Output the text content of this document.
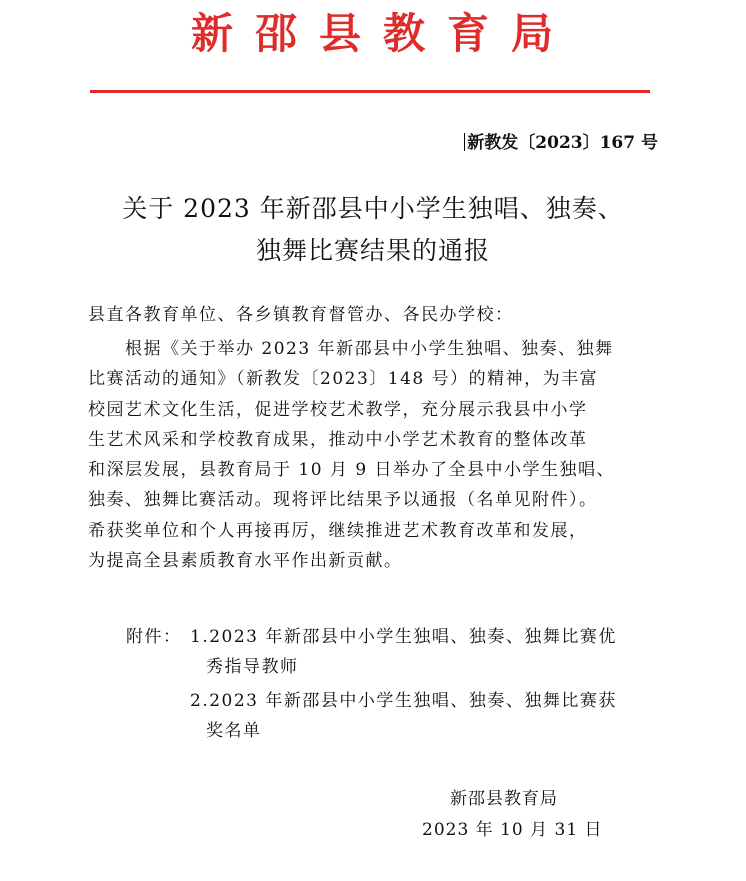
新邵县教育局
新教发〔2023〕167 号
关于 2023 年新邵县中小学生独唱、独奏、
独舞比赛结果的通报
县直各教育单位、各乡镇教育督管办、各民办学校：
　　根据《关于举办 2023 年新邵县中小学生独唱、独奏、独舞
比赛活动的通知》（新教发〔2023〕148 号）的精神，为丰富
校园艺术文化生活，促进学校艺术教学，充分展示我县中小学
生艺术风采和学校教育成果，推动中小学艺术教育的整体改革
和深层发展，县教育局于 10 月 9 日举办了全县中小学生独唱、
独奏、独舞比赛活动。现将评比结果予以通报（名单见附件）。
希获奖单位和个人再接再厉，继续推进艺术教育改革和发展，
为提高全县素质教育水平作出新贡献。
附件： 1.2023 年新邵县中小学生独唱、独奏、独舞比赛优
秀指导教师
2.2023 年新邵县中小学生独唱、独奏、独舞比赛获
奖名单
新邵县教育局
2023 年 10 月 31 日
